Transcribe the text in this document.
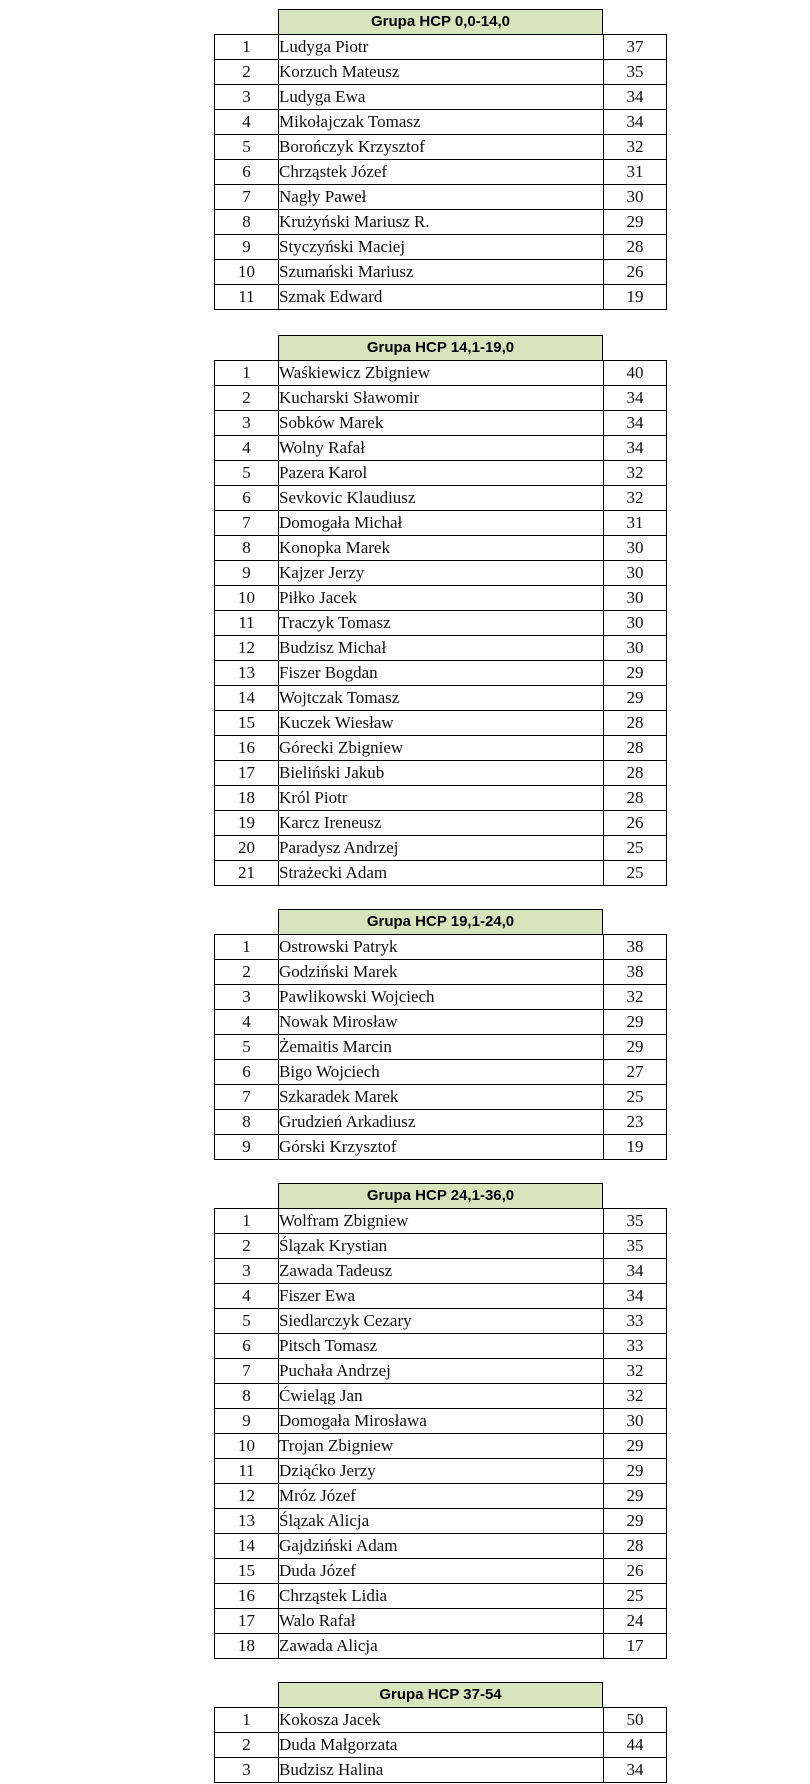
Grupa HCP 0,0-14,0
1	Ludyga Piotr	37
2	Korzuch Mateusz	35
3	Ludyga Ewa	34
4	Mikołajczak Tomasz	34
5	Borończyk Krzysztof	32
6	Chrząstek Józef	31
7	Nagły Paweł	30
8	Krużyński Mariusz R.	29
9	Styczyński Maciej	28
10	Szumański Mariusz	26
11	Szmak Edward	19
Grupa HCP 14,1-19,0
1	Waśkiewicz Zbigniew	40
2	Kucharski Sławomir	34
3	Sobków Marek	34
4	Wolny Rafał	34
5	Pazera Karol	32
6	Sevkovic Klaudiusz	32
7	Domogała Michał	31
8	Konopka Marek	30
9	Kajzer Jerzy	30
10	Piłko Jacek	30
11	Traczyk Tomasz	30
12	Budzisz Michał	30
13	Fiszer Bogdan	29
14	Wojtczak Tomasz	29
15	Kuczek Wiesław	28
16	Górecki Zbigniew	28
17	Bieliński Jakub	28
18	Król Piotr	28
19	Karcz Ireneusz	26
20	Paradysz Andrzej	25
21	Strażecki Adam	25
Grupa HCP 19,1-24,0
1	Ostrowski Patryk	38
2	Godziński Marek	38
3	Pawlikowski Wojciech	32
4	Nowak Mirosław	29
5	Żemaitis Marcin	29
6	Bigo Wojciech	27
7	Szkaradek Marek	25
8	Grudzień Arkadiusz	23
9	Górski Krzysztof	19
Grupa HCP 24,1-36,0
1	Wolfram Zbigniew	35
2	Ślązak Krystian	35
3	Zawada Tadeusz	34
4	Fiszer Ewa	34
5	Siedlarczyk Cezary	33
6	Pitsch Tomasz	33
7	Puchała Andrzej	32
8	Ćwieląg Jan	32
9	Domogała Mirosława	30
10	Trojan Zbigniew	29
11	Dziąćko Jerzy	29
12	Mróz Józef	29
13	Ślązak Alicja	29
14	Gajdziński Adam	28
15	Duda Józef	26
16	Chrząstek Lidia	25
17	Walo Rafał	24
18	Zawada Alicja	17
Grupa HCP 37-54
1	Kokosza Jacek	50
2	Duda Małgorzata	44
3	Budzisz Halina	34
